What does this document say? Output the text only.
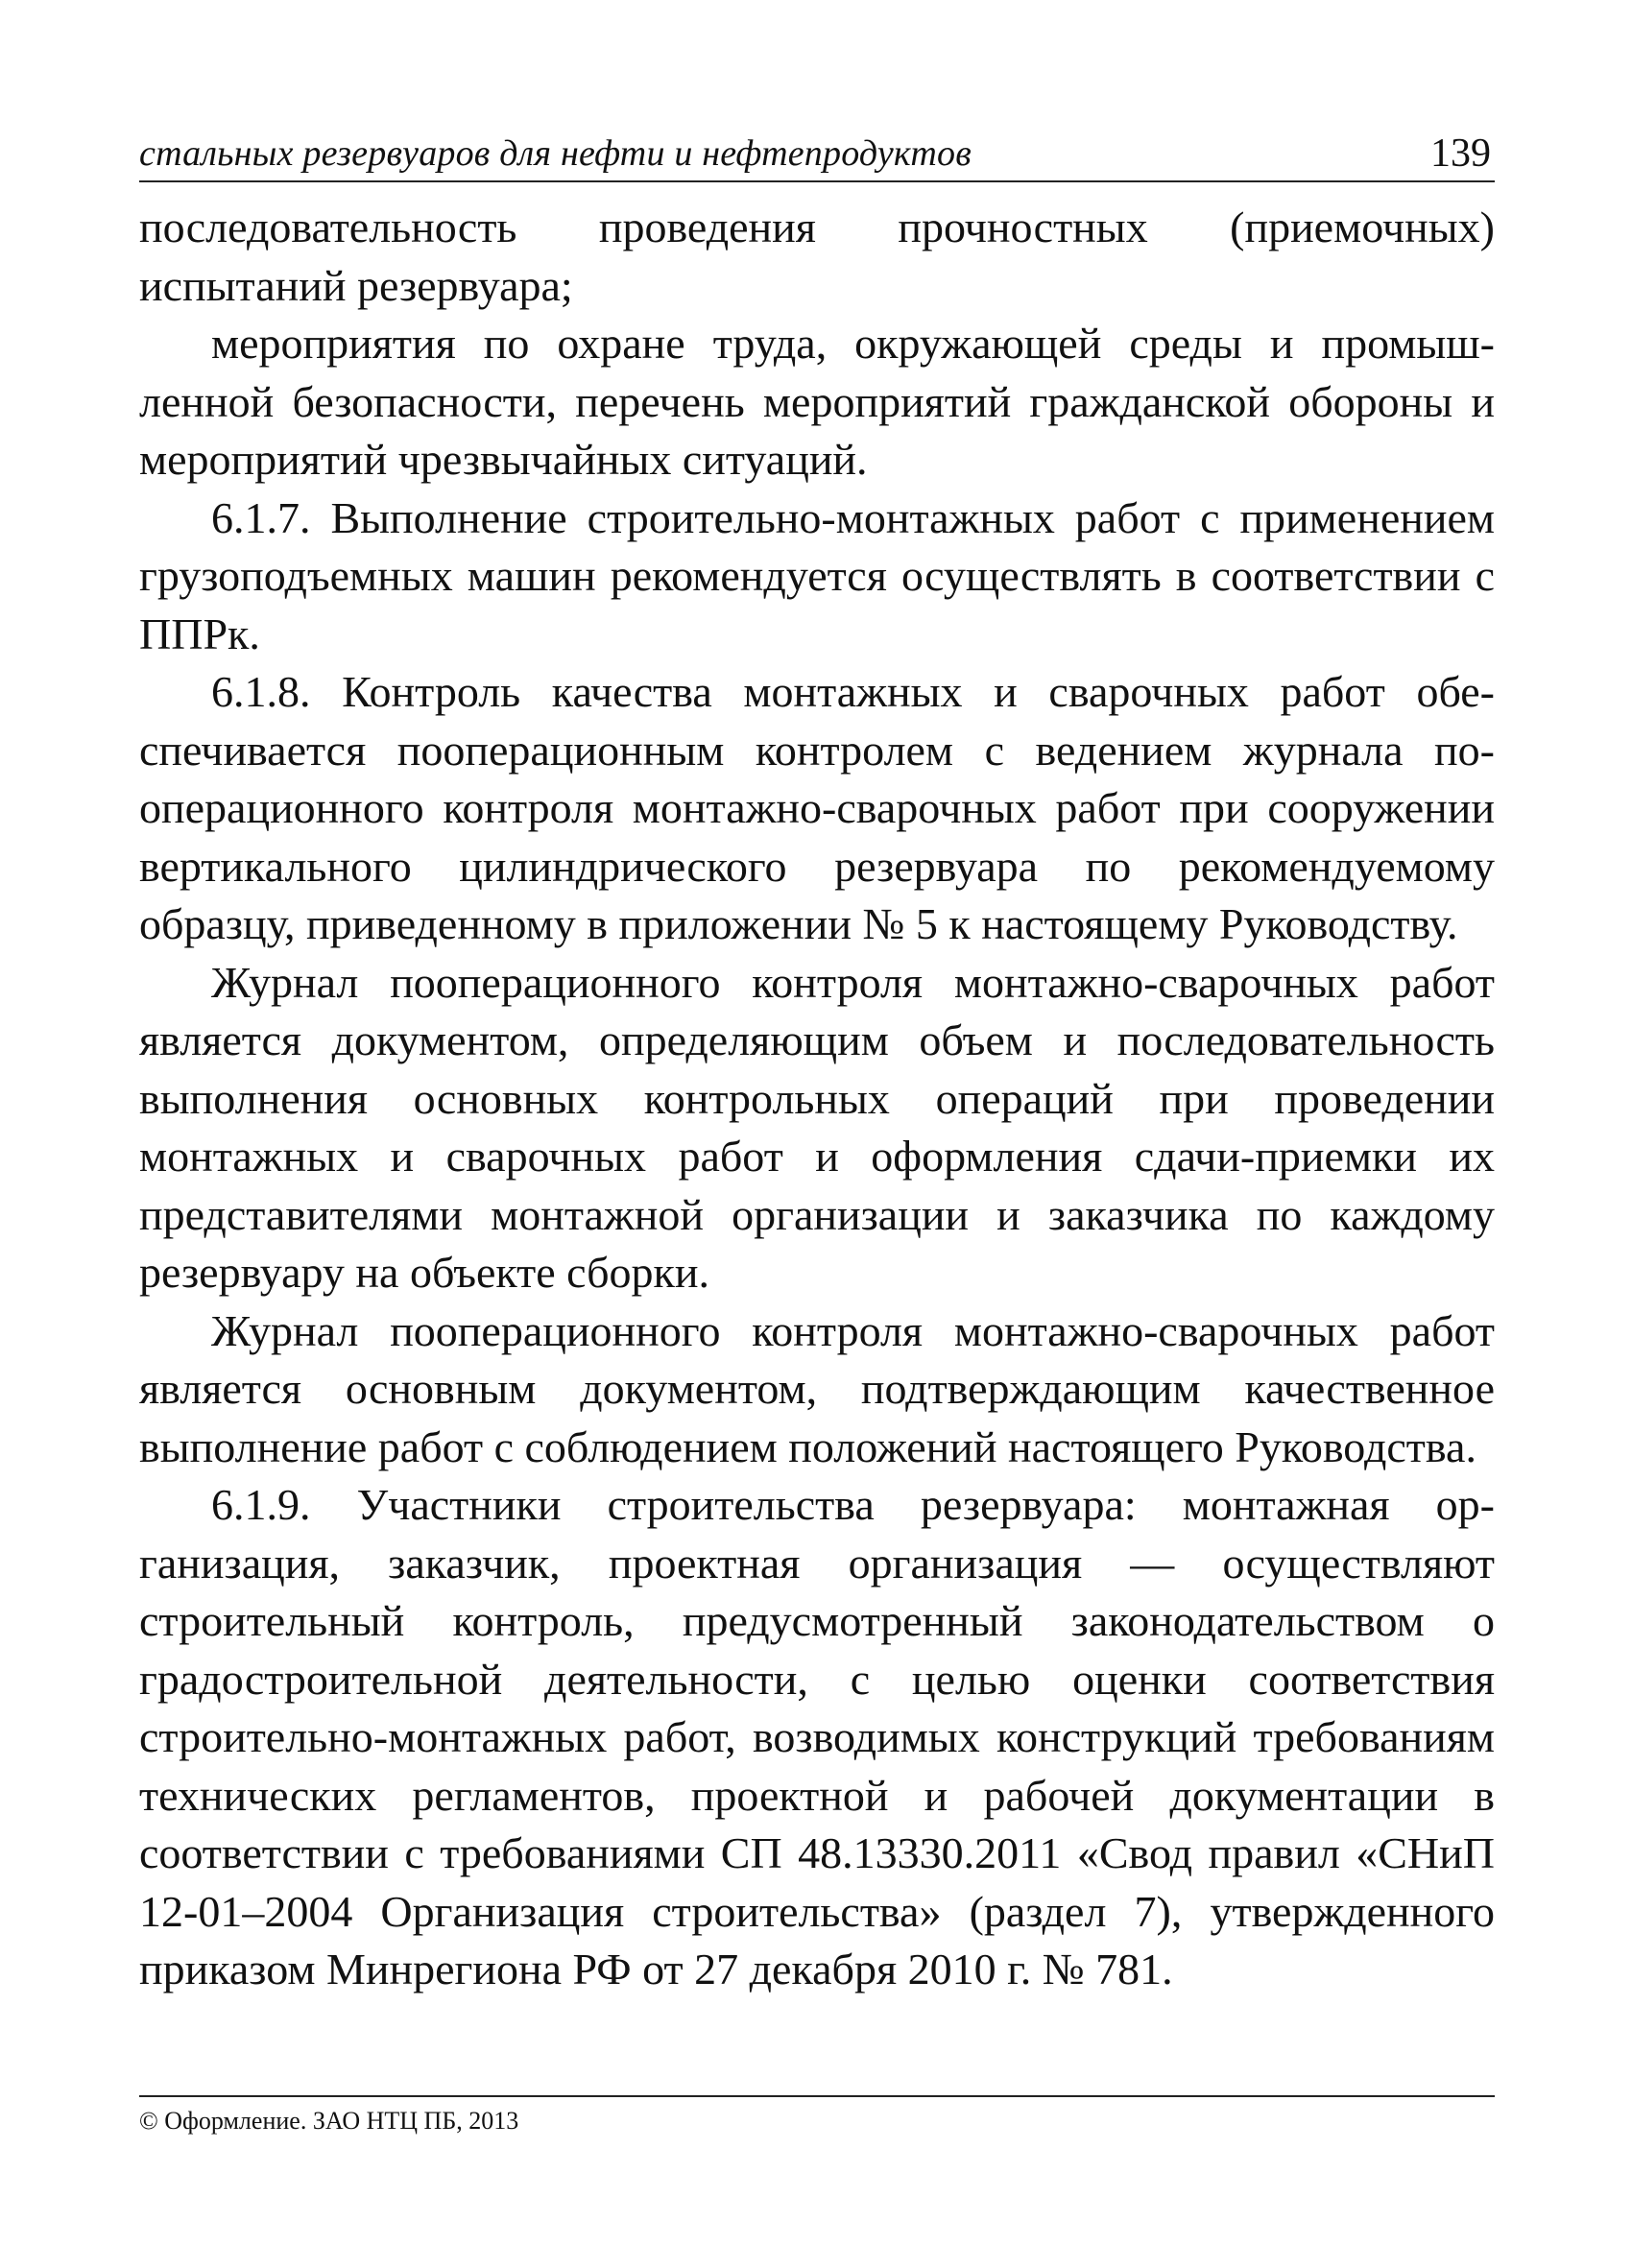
стальных резервуаров для нефти и нефтепродуктов	139

последовательность проведения прочностных (приемочных) испытаний резервуара;

мероприятия по охране труда, окружающей среды и промышленной безопасности, перечень мероприятий гражданской обороны и мероприятий чрезвычайных ситуаций.

6.1.7. Выполнение строительно-монтажных работ с применением грузоподъемных машин рекомендуется осуществлять в соответствии с ППРк.

6.1.8. Контроль качества монтажных и сварочных работ обеспечивается пооперационным контролем с ведением журнала пооперационного контроля монтажно-сварочных работ при сооружении вертикального цилиндрического резервуара по рекомендуемому образцу, приведенному в приложении № 5 к настоящему Руководству.

Журнал пооперационного контроля монтажно-сварочных работ является документом, определяющим объем и последовательность выполнения основных контрольных операций при проведении монтажных и сварочных работ и оформления сдачи-приемки их представителями монтажной организации и заказчика по каждому резервуару на объекте сборки.

Журнал пооперационного контроля монтажно-сварочных работ является основным документом, подтверждающим качественное выполнение работ с соблюдением положений настоящего Руководства.

6.1.9. Участники строительства резервуара: монтажная организация, заказчик, проектная организация — осуществляют строительный контроль, предусмотренный законодательством о градостроительной деятельности, с целью оценки соответствия строительно-монтажных работ, возводимых конструкций требованиям технических регламентов, проектной и рабочей документации в соответствии с требованиями СП 48.13330.2011 «Свод правил «СНиП 12-01–2004 Организация строительства» (раздел 7), утвержденного приказом Минрегиона РФ от 27 декабря 2010 г. № 781.

© Оформление. ЗАО НТЦ ПБ, 2013
